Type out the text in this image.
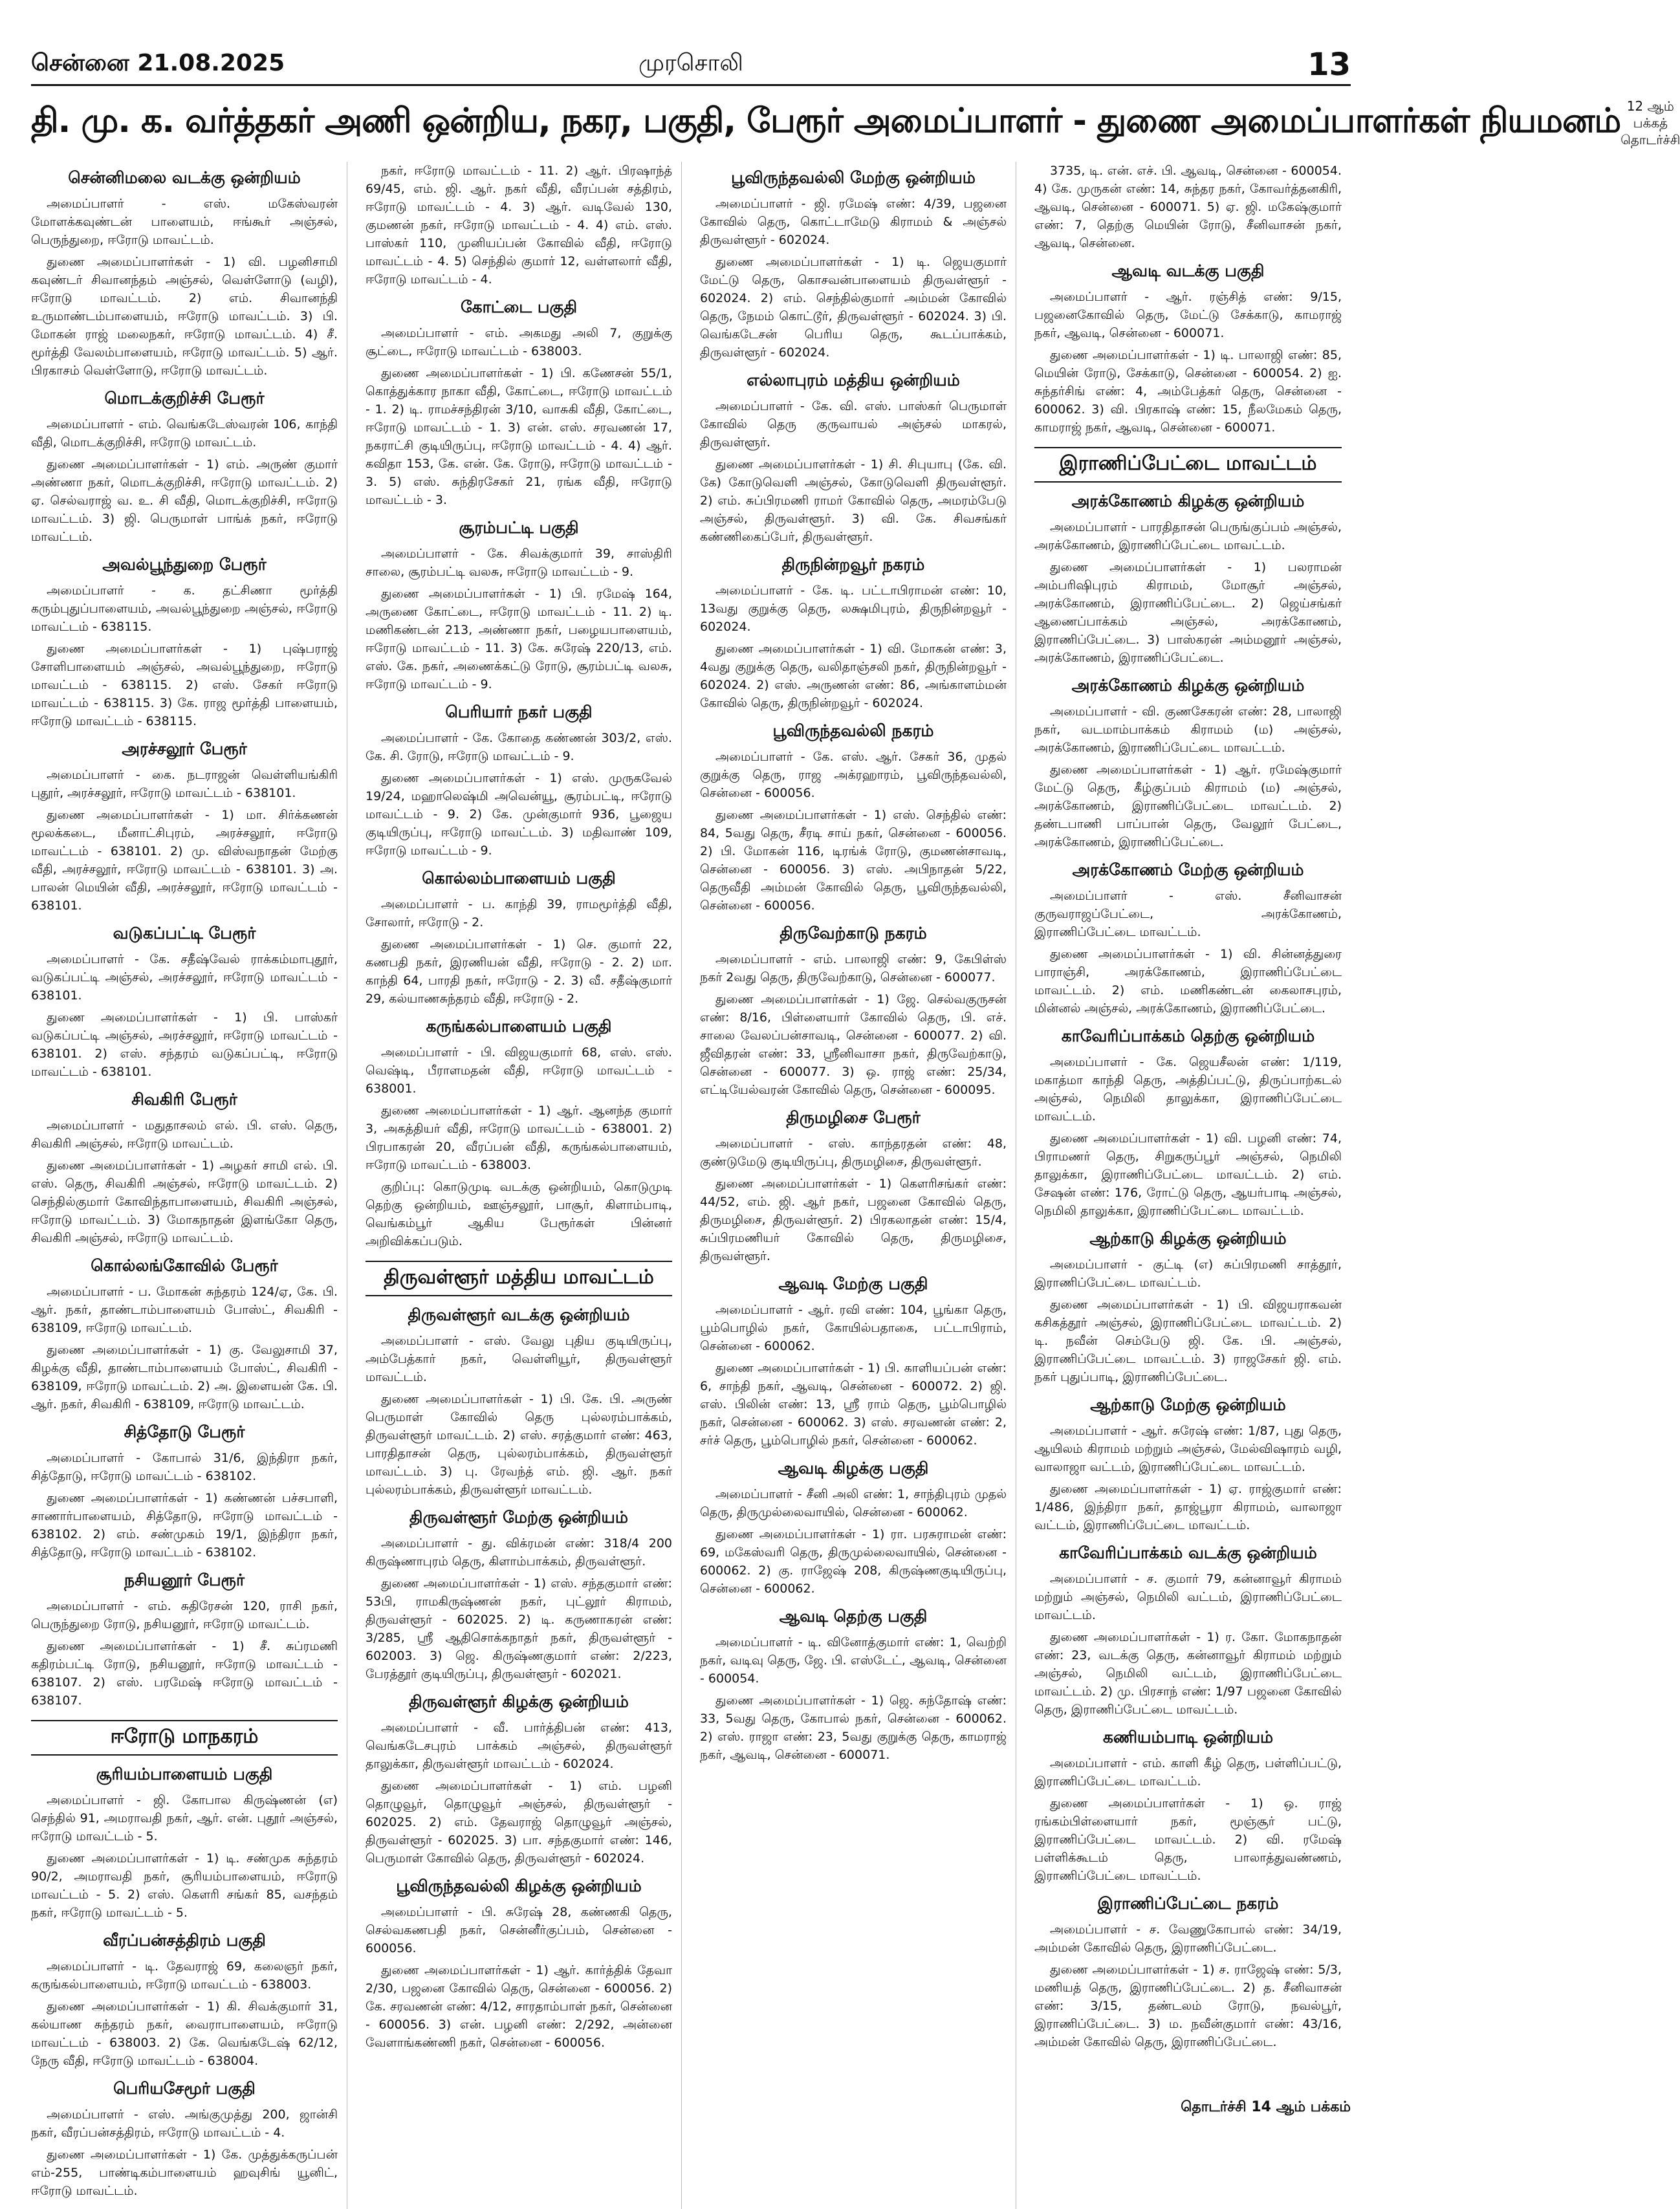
சென்னை 21.08.2025	முரசொலி	13
தி. மு. க. வர்த்தகர் அணி ஒன்றிய, நகர, பகுதி, பேரூர் அமைப்பாளர் - துணை அமைப்பாளர்கள் நியமனம் 12 ஆம் பக்கத் தொடர்ச்சி
சென்னிமலை வடக்கு ஒன்றியம்

அமைப்பாளர் - எஸ். மகேஸ்வரன் மோளக்கவுண்டன் பாளையம், ஈங்கூர் அஞ்சல், பெருந்துறை, ஈரோடு மாவட்டம்.

துணை அமைப்பாளர்கள் - 1) வி. பழனிசாமி கவுண்டர் சிவானந்தம் அஞ்சல், வெள்ளோடு (வழி), ஈரோடு மாவட்டம். 2) எம். சிவானந்தி உருமாண்டம்பாளையம், ஈரோடு மாவட்டம். 3) பி. மோகன் ராஜ் மலைநகர், ஈரோடு மாவட்டம். 4) சீ. மூர்த்தி வேலம்பாளையம், ஈரோடு மாவட்டம். 5) ஆர். பிரகாசம் வெள்ளோடு, ஈரோடு மாவட்டம்.

மொடக்குறிச்சி பேரூர்

அமைப்பாளர் - எம். வெங்கடேஸ்வரன் 106, காந்தி வீதி, மொடக்குறிச்சி, ஈரோடு மாவட்டம்.

துணை அமைப்பாளர்கள் - 1) எம். அருண் குமார் அண்ணா நகர், மொடக்குறிச்சி, ஈரோடு மாவட்டம். 2) ஏ. செல்வராஜ் வ. உ. சி வீதி, மொடக்குறிச்சி, ஈரோடு மாவட்டம். 3) ஜி. பெருமாள் பாங்க் நகர், ஈரோடு மாவட்டம்.

அவல்பூந்துறை பேரூர்

அமைப்பாளர் - க. தட்சிணா மூர்த்தி கரும்புதுப்பாளையம், அவல்பூந்துறை அஞ்சல், ஈரோடு மாவட்டம் - 638115.

துணை அமைப்பாளர்கள் - 1) புஷ்பராஜ் சோளிபாளையம் அஞ்சல், அவல்பூந்துறை, ஈரோடு மாவட்டம் - 638115. 2) எஸ். சேகர் ஈரோடு மாவட்டம் - 638115. 3) கே. ராஜ மூர்த்தி பாளையம், ஈரோடு மாவட்டம் - 638115.

அரச்சலூர் பேரூர்

அமைப்பாளர் - கை. நடராஜன் வெள்ளியங்கிரி புதூர், அரச்சலூர், ஈரோடு மாவட்டம் - 638101.

துணை அமைப்பாளர்கள் - 1) மா. சிர்க்கணன் மூலக்கடை, மீனாட்சிபுரம், அரச்சலூர், ஈரோடு மாவட்டம் - 638101. 2) மு. விஸ்வநாதன் மேற்கு வீதி, அரச்சலூர், ஈரோடு மாவட்டம் - 638101. 3) அ. பாலன் மெயின் வீதி, அரச்சலூர், ஈரோடு மாவட்டம் - 638101.

வடுகப்பட்டி பேரூர்

அமைப்பாளர் - கே. சதீஷ்வேல் ராக்கம்மாபுதூர், வடுகப்பட்டி அஞ்சல், அரச்சலூர், ஈரோடு மாவட்டம் - 638101.

துணை அமைப்பாளர்கள் - 1) பி. பாஸ்கர் வடுகப்பட்டி அஞ்சல், அரச்சலூர், ஈரோடு மாவட்டம் - 638101. 2) எஸ். சந்தரம் வடுகப்பட்டி, ஈரோடு மாவட்டம் - 638101.

சிவகிரி பேரூர்

அமைப்பாளர் - மதுதாசலம் எல். பி. எஸ். தெரு, சிவகிரி அஞ்சல், ஈரோடு மாவட்டம்.

துணை அமைப்பாளர்கள் - 1) அழகர் சாமி எல். பி. எஸ். தெரு, சிவகிரி அஞ்சல், ஈரோடு மாவட்டம். 2) செந்தில்குமார் கோவிந்தாபாளையம், சிவகிரி அஞ்சல், ஈரோடு மாவட்டம். 3) மோகநாதன் இளங்கோ தெரு, சிவகிரி அஞ்சல், ஈரோடு மாவட்டம்.

கொல்லங்கோவில் பேரூர்

அமைப்பாளர் - ப. மோகன் சுந்தரம் 124/ஏ, கே. பி. ஆர். நகர், தாண்டாம்பாளையம் போஸ்ட், சிவகிரி - 638109, ஈரோடு மாவட்டம்.

துணை அமைப்பாளர்கள் - 1) கு. வேலுசாமி 37, கிழக்கு வீதி, தாண்டாம்பாளையம் போஸ்ட், சிவகிரி - 638109, ஈரோடு மாவட்டம். 2) அ. இளையன் கே. பி. ஆர். நகர், சிவகிரி - 638109, ஈரோடு மாவட்டம்.

சித்தோடு பேரூர்

அமைப்பாளர் - கோபால் 31/6, இந்திரா நகர், சித்தோடு, ஈரோடு மாவட்டம் - 638102.

துணை அமைப்பாளர்கள் - 1) கண்ணன் பச்சபாளி, சாணார்பாளையம், சித்தோடு, ஈரோடு மாவட்டம் - 638102. 2) எம். சண்முகம் 19/1, இந்திரா நகர், சித்தோடு, ஈரோடு மாவட்டம் - 638102.

நசியனூர் பேரூர்

அமைப்பாளர் - எம். சுதிரேசன் 120, ராசி நகர், பெருந்துறை ரோடு, நசியனூர், ஈரோடு மாவட்டம்.

துணை அமைப்பாளர்கள் - 1) சீ. சுப்ரமணி கதிரம்பட்டி ரோடு, நசியனூர், ஈரோடு மாவட்டம் - 638107. 2) எஸ். பரமேஷ் ஈரோடு மாவட்டம் - 638107.

ஈரோடு மாநகரம்
சூரியம்பாளையம் பகுதி

அமைப்பாளர் - ஜி. கோபால கிருஷ்ணன் (எ) செந்தில் 91, அமராவதி நகர், ஆர். என். புதூர் அஞ்சல், ஈரோடு மாவட்டம் - 5.

துணை அமைப்பாளர்கள் - 1) டி. சண்முக சுந்தரம் 90/2, அமராவதி நகர், சூரியம்பாளையம், ஈரோடு மாவட்டம் - 5. 2) எஸ். கௌரி சங்கர் 85, வசந்தம் நகர், ஈரோடு மாவட்டம் - 5.

வீரப்பன்சத்திரம் பகுதி

அமைப்பாளர் - டி. தேவராஜ் 69, கலைஞர் நகர், கருங்கல்பாளையம், ஈரோடு மாவட்டம் - 638003.

துணை அமைப்பாளர்கள் - 1) கி. சிவக்குமார் 31, கல்யாண சுந்தரம் நகர், வைராபாளையம், ஈரோடு மாவட்டம் - 638003. 2) கே. வெங்கடேஷ் 62/12, நேரு வீதி, ஈரோடு மாவட்டம் - 638004.

பெரியசேமூர் பகுதி

அமைப்பாளர் - எஸ். அங்குமுத்து 200, ஜான்சி நகர், வீரப்பன்சத்திரம், ஈரோடு மாவட்டம் - 4.

துணை அமைப்பாளர்கள் - 1) கே. முத்துக்கருப்பன் எம்-255, பாண்டிகம்பாளையம் ஹவுசிங் யூனிட், ஈரோடு மாவட்டம்.

நகர், ஈரோடு மாவட்டம் - 11. 2) ஆர். பிரஷாந்த் 69/45, எம். ஜி. ஆர். நகர் வீதி, வீரப்பன் சத்திரம், ஈரோடு மாவட்டம் - 4. 3) ஆர். வடிவேல் 130, குமணன் நகர், ஈரோடு மாவட்டம் - 4. 4) எம். எஸ். பாஸ்கர் 110, முனியப்பன் கோவில் வீதி, ஈரோடு மாவட்டம் - 4. 5) செந்தில் குமார் 12, வள்ளலார் வீதி, ஈரோடு மாவட்டம் - 4.

கோட்டை பகுதி

அமைப்பாளர் - எம். அகமது அலி 7, குறுக்கு சூட்டை, ஈரோடு மாவட்டம் - 638003.

துணை அமைப்பாளர்கள் - 1) பி. கணேசன் 55/1, கொத்துக்கார நாகா வீதி, கோட்டை, ஈரோடு மாவட்டம் - 1. 2) டி. ராமச்சந்திரன் 3/10, வாசுகி வீதி, கோட்டை, ஈரோடு மாவட்டம் - 1. 3) என். எஸ். சரவணன் 17, நகராட்சி குடியிருப்பு, ஈரோடு மாவட்டம் - 4. 4) ஆர். கவிதா 153, கே. என். கே. ரோடு, ஈரோடு மாவட்டம் - 3. 5) எஸ். சுந்திரசேகர் 21, ரங்க வீதி, ஈரோடு மாவட்டம் - 3.

சூரம்பட்டி பகுதி

அமைப்பாளர் - கே. சிவக்குமார் 39, சாஸ்திரி சாலை, சூரம்பட்டி வலசு, ஈரோடு மாவட்டம் - 9.

துணை அமைப்பாளர்கள் - 1) பி. ரமேஷ் 164, அருணை கோட்டை, ஈரோடு மாவட்டம் - 11. 2) டி. மணிகண்டன் 213, அண்ணா நகர், பழையபாளையம், ஈரோடு மாவட்டம் - 11. 3) கே. சுரேஷ் 220/13, எம். எஸ். கே. நகர், அணைக்கட்டு ரோடு, சூரம்பட்டி வலசு, ஈரோடு மாவட்டம் - 9.

பெரியார் நகர் பகுதி

அமைப்பாளர் - கே. கோதை கண்ணன் 303/2, எஸ். கே. சி. ரோடு, ஈரோடு மாவட்டம் - 9.

துணை அமைப்பாளர்கள் - 1) எஸ். முருகவேல் 19/24, மஹாலெஷ்மி அவென்யூ, சூரம்பட்டி, ஈரோடு மாவட்டம் - 9. 2) கே. முன்குமார் 936, பூஜைய குடியிருப்பு, ஈரோடு மாவட்டம். 3) மதிவாண் 109, ஈரோடு மாவட்டம் - 9.

கொல்லம்பாளையம் பகுதி

அமைப்பாளர் - ப. காந்தி 39, ராமமூர்த்தி வீதி, சோலார், ஈரோடு - 2.

துணை அமைப்பாளர்கள் - 1) செ. குமார் 22, கணபதி நகர், இரணியன் வீதி, ஈரோடு - 2. 2) மா. காந்தி 64, பாரதி நகர், ஈரோடு - 2. 3) வீ. சதீஷ்குமார் 29, கல்யாணசுந்தரம் வீதி, ஈரோடு - 2.

கருங்கல்பாளையம் பகுதி

அமைப்பாளர் - பி. விஜயகுமார் 68, எஸ். எஸ். வெஷ்டி, பீராளமதன் வீதி, ஈரோடு மாவட்டம் - 638001.

துணை அமைப்பாளர்கள் - 1) ஆர். ஆனந்த குமார் 3, அகத்தியர் வீதி, ஈரோடு மாவட்டம் - 638001. 2) பிரபாகரன் 20, வீரப்பன் வீதி, கருங்கல்பாளையம், ஈரோடு மாவட்டம் - 638003.

குறிப்பு: கொடுமுடி வடக்கு ஒன்றியம், கொடுமுடி தெற்கு ஒன்றியம், ஊஞ்சலூர், பாசூர், கிளாம்பாடி, வெங்கம்பூர் ஆகிய பேரூர்கள் பின்னர் அறிவிக்கப்படும்.

திருவள்ளூர் மத்திய மாவட்டம்
திருவள்ளூர் வடக்கு ஒன்றியம்

அமைப்பாளர் - எஸ். வேலு புதிய குடியிருப்பு, அம்பேத்கார் நகர், வெள்ளியூர், திருவள்ளூர் மாவட்டம்.

துணை அமைப்பாளர்கள் - 1) பி. கே. பி. அருண் பெருமாள் கோவில் தெரு புல்லரம்பாக்கம், திருவள்ளூர் மாவட்டம். 2) எஸ். சரத்குமார் எண்: 463, பாரதிதாசன் தெரு, புல்லரம்பாக்கம், திருவள்ளூர் மாவட்டம். 3) பு. ரேவந்த் எம். ஜி. ஆர். நகர் புல்லரம்பாக்கம், திருவள்ளூர் மாவட்டம்.

திருவள்ளூர் மேற்கு ஒன்றியம்

அமைப்பாளர் - து. விக்ரமன் எண்: 318/4 200 கிருஷ்ணாபுரம் தெரு, கிளாம்பாக்கம், திருவள்ளூர்.

துணை அமைப்பாளர்கள் - 1) எஸ். சந்தகுமார் எண்: 53பி, ராமகிருஷ்ணன் நகர், புட்லூர் கிராமம், திருவள்ளூர் - 602025. 2) டி. கருணாகரன் எண்: 3/285, ஸ்ரீ ஆதிசொக்கநாதர் நகர், திருவள்ளூர் - 602003. 3) ஜெ. கிருஷ்ணகுமார் எண்: 2/223, பேரத்தூர் குடியிருப்பு, திருவள்ளூர் - 602021.

திருவள்ளூர் கிழக்கு ஒன்றியம்

அமைப்பாளர் - வீ. பார்த்திபன் எண்: 413, வெங்கடேசபுரம் பாக்கம் அஞ்சல், திருவள்ளூர் தாலுக்கா, திருவள்ளூர் மாவட்டம் - 602024.

துணை அமைப்பாளர்கள் - 1) எம். பழனி தொழுவூர், தொழுவூர் அஞ்சல், திருவள்ளூர் - 602025. 2) எம். தேவராஜ் தொழுவூர் அஞ்சல், திருவள்ளூர் - 602025. 3) பா. சந்தகுமார் எண்: 146, பெருமாள் கோவில் தெரு, திருவள்ளூர் - 602024.

பூவிருந்தவல்லி கிழக்கு ஒன்றியம்

அமைப்பாளர் - பி. சுரேஷ் 28, கண்ணகி தெரு, செல்வகணபதி நகர், சென்னீர்குப்பம், சென்னை - 600056.

துணை அமைப்பாளர்கள் - 1) ஆர். கார்த்திக் தேவா 2/30, பஜனை கோவில் தெரு, சென்னை - 600056. 2) கே. சரவணன் எண்: 4/12, சாரதாம்பாள் நகர், சென்னை - 600056. 3) என். பழனி எண்: 2/292, அன்னை வேளாங்கண்ணி நகர், சென்னை - 600056.

பூவிருந்தவல்லி மேற்கு ஒன்றியம்

அமைப்பாளர் - ஜி. ரமேஷ் எண்: 4/39, பஜனை கோவில் தெரு, கொட்டாமேடு கிராமம் & அஞ்சல் திருவள்ளூர் - 602024.

துணை அமைப்பாளர்கள் - 1) டி. ஜெயகுமார் மேட்டு தெரு, கொசவன்பாளையம் திருவள்ளூர் - 602024. 2) எம். செந்தில்குமார் அம்மன் கோவில் தெரு, நேமம் கொட்டூர், திருவள்ளூர் - 602024. 3) பி. வெங்கடேசன் பெரிய தெரு, கூடப்பாக்கம், திருவள்ளூர் - 602024.

எல்லாபுரம் மத்திய ஒன்றியம்

அமைப்பாளர் - கே. வி. எஸ். பாஸ்கர் பெருமாள் கோவில் தெரு குருவாயல் அஞ்சல் மாகரல், திருவள்ளூர்.

துணை அமைப்பாளர்கள் - 1) சி. சிபுயாபு (கே. வி. கே) கோடுவெளி அஞ்சல், கோடுவெளி திருவள்ளூர். 2) எம். சுப்பிரமணி ராமர் கோவில் தெரு, அமரம்பேடு அஞ்சல், திருவள்ளூர். 3) வி. கே. சிவசங்கர் கண்ணிகைப்பேர், திருவள்ளூர்.

திருநின்றவூர் நகரம்

அமைப்பாளர் - கே. டி. பட்டாபிராமன் எண்: 10, 13வது குறுக்கு தெரு, லக்ஷமிபுரம், திருநின்றவூர் - 602024.

துணை அமைப்பாளர்கள் - 1) வி. மோகன் எண்: 3, 4வது குறுக்கு தெரு, வலிதாஞ்சலி நகர், திருநின்றவூர் - 602024. 2) எஸ். அருணன் எண்: 86, அங்காளம்மன் கோவில் தெரு, திருநின்றவூர் - 602024.

பூவிருந்தவல்லி நகரம்

அமைப்பாளர் - கே. எஸ். ஆர். சேகர் 36, முதல் குறுக்கு தெரு, ராஜ அக்ரஹாரம், பூவிருந்தவல்லி, சென்னை - 600056.

துணை அமைப்பாளர்கள் - 1) எஸ். செந்தில் எண்: 84, 5வது தெரு, சீரடி சாய் நகர், சென்னை - 600056. 2) பி. மோகன் 116, டிரங்க் ரோடு, குமணன்சாவடி, சென்னை - 600056. 3) எஸ். அபிநாதன் 5/22, தெருவீதி அம்மன் கோவில் தெரு, பூவிருந்தவல்லி, சென்னை - 600056.

திருவேற்காடு நகரம்

அமைப்பாளர் - எம். பாலாஜி எண்: 9, கேபிள்ஸ் நகர் 2வது தெரு, திருவேற்காடு, சென்னை - 600077.

துணை அமைப்பாளர்கள் - 1) ஜே. செல்வகுருசன் எண்: 8/16, பிள்ளையார் கோவில் தெரு, பி. எச். சாலை வேலப்பன்சாவடி, சென்னை - 600077. 2) வி. ஜீவிதரன் எண்: 33, ஸ்ரீனிவாசா நகர், திருவேற்காடு, சென்னை - 600077. 3) ஒ. ராஜ் எண்: 25/34, எட்டியேல்வரன் கோவில் தெரு, சென்னை - 600095.

திருமழிசை பேரூர்

அமைப்பாளர் - எஸ். காந்தரதன் எண்: 48, குண்டுமேடு குடியிருப்பு, திருமழிசை, திருவள்ளூர்.

துணை அமைப்பாளர்கள் - 1) கௌரிசங்கர் எண்: 44/52, எம். ஜி. ஆர் நகர், பஜனை கோவில் தெரு, திருமழிசை, திருவள்ளூர். 2) பிரகலாதன் எண்: 15/4, சுப்பிரமணியர் கோவில் தெரு, திருமழிசை, திருவள்ளூர்.

ஆவடி மேற்கு பகுதி

அமைப்பாளர் - ஆர். ரவி எண்: 104, பூங்கா தெரு, பூம்பொழில் நகர், கோயில்பதாகை, பட்டாபிராம், சென்னை - 600062.

துணை அமைப்பாளர்கள் - 1) பி. காளியப்பன் எண்: 6, சாந்தி நகர், ஆவடி, சென்னை - 600072. 2) ஜி. எஸ். பிலின் எண்: 13, ஸ்ரீ ராம் தெரு, பூம்பொழில் நகர், சென்னை - 600062. 3) எஸ். சரவணன் எண்: 2, சர்ச் தெரு, பூம்பொழில் நகர், சென்னை - 600062.

ஆவடி கிழக்கு பகுதி

அமைப்பாளர் - சீனி அலி எண்: 1, சாந்திபுரம் முதல் தெரு, திருமுல்லைவாயில், சென்னை - 600062.

துணை அமைப்பாளர்கள் - 1) ரா. பரசுராமன் எண்: 69, மகேஸ்வரி தெரு, திருமுல்லைவாயில், சென்னை - 600062. 2) கு. ராஜேஷ் 208, கிருஷ்ணகுடியிருப்பு, சென்னை - 600062.

ஆவடி தெற்கு பகுதி

அமைப்பாளர் - டி. வினோத்குமார் எண்: 1, வெற்றி நகர், வடிவு தெரு, ஜே. பி. எஸ்டேட், ஆவடி, சென்னை - 600054.

துணை அமைப்பாளர்கள் - 1) ஜெ. சுந்தோஷ் எண்: 33, 5வது தெரு, கோபால் நகர், சென்னை - 600062. 2) எஸ். ராஜா எண்: 23, 5வது குறுக்கு தெரு, காமராஜ் நகர், ஆவடி, சென்னை - 600071.

3735, டி. என். எச். பி. ஆவடி, சென்னை - 600054. 4) கே. முருகன் எண்: 14, சுந்தர நகர், கோவர்த்தனகிரி, ஆவடி, சென்னை - 600071. 5) ஏ. ஜி. மகேஷ்குமார் எண்: 7, தெற்கு மெயின் ரோடு, சீனிவாசன் நகர், ஆவடி, சென்னை.

ஆவடி வடக்கு பகுதி

அமைப்பாளர் - ஆர். ரஞ்சித் எண்: 9/15, பஜனைகோவில் தெரு, மேட்டு சேக்காடு, காமராஜ் நகர், ஆவடி, சென்னை - 600071.

துணை அமைப்பாளர்கள் - 1) டி. பாலாஜி எண்: 85, மெயின் ரோடு, சேக்காடு, சென்னை - 600054. 2) ஐ. சுந்தர்சிங் எண்: 4, அம்பேத்கர் தெரு, சென்னை - 600062. 3) வி. பிரகாஷ் எண்: 15, நீலமேகம் தெரு, காமராஜ் நகர், ஆவடி, சென்னை - 600071.

இராணிப்பேட்டை மாவட்டம்
அரக்கோணம் கிழக்கு ஒன்றியம்

அமைப்பாளர் - பாரதிதாசன் பெருங்குப்பம் அஞ்சல், அரக்கோணம், இராணிப்பேட்டை மாவட்டம்.

துணை அமைப்பாளர்கள் - 1) பலராமன் அம்பரிஷிபுரம் கிராமம், மோசூர் அஞ்சல், அரக்கோணம், இராணிப்பேட்டை. 2) ஜெய்சங்கர் ஆணைப்பாக்கம் அஞ்சல், அரக்கோணம், இராணிப்பேட்டை. 3) பாஸ்கரன் அம்மனூர் அஞ்சல், அரக்கோணம், இராணிப்பேட்டை.

அரக்கோணம் கிழக்கு ஒன்றியம்

அமைப்பாளர் - வி. குணசேகரன் எண்: 28, பாலாஜி நகர், வடமாம்பாக்கம் கிராமம் (ம) அஞ்சல், அரக்கோணம், இராணிப்பேட்டை மாவட்டம்.

துணை அமைப்பாளர்கள் - 1) ஆர். ரமேஷ்குமார் மேட்டு தெரு, கீழ்குப்பம் கிராமம் (ம) அஞ்சல், அரக்கோணம், இராணிப்பேட்டை மாவட்டம். 2) தண்டபாணி பாப்பான் தெரு, வேலூர் பேட்டை, அரக்கோணம், இராணிப்பேட்டை.

அரக்கோணம் மேற்கு ஒன்றியம்

அமைப்பாளர் - எஸ். சீனிவாசன் குருவராஜப்பேட்டை, அரக்கோணம், இராணிப்பேட்டை மாவட்டம்.

துணை அமைப்பாளர்கள் - 1) வி. சின்னத்துரை பாராஞ்சி, அரக்கோணம், இராணிப்பேட்டை மாவட்டம். 2) எம். மணிகண்டன் கைலாசபுரம், மின்னல் அஞ்சல், அரக்கோணம், இராணிப்பேட்டை.

காவேரிப்பாக்கம் தெற்கு ஒன்றியம்

அமைப்பாளர் - கே. ஜெயசீலன் எண்: 1/119, மகாத்மா காந்தி தெரு, அத்திப்பட்டு, திருப்பாற்கடல் அஞ்சல், நெமிலி தாலுக்கா, இராணிப்பேட்டை மாவட்டம்.

துணை அமைப்பாளர்கள் - 1) வி. பழனி எண்: 74, பிராமணர் தெரு, சிறுகருப்பூர் அஞ்சல், நெமிலி தாலுக்கா, இராணிப்பேட்டை மாவட்டம். 2) எம். சேஷன் எண்: 176, ரோட்டு தெரு, ஆயர்பாடி அஞ்சல், நெமிலி தாலுக்கா, இராணிப்பேட்டை மாவட்டம்.

ஆற்காடு கிழக்கு ஒன்றியம்

அமைப்பாளர் - குட்டி (எ) சுப்பிரமணி சாத்தூர், இராணிப்பேட்டை மாவட்டம்.

துணை அமைப்பாளர்கள் - 1) பி. விஜயராகவன் கசிகத்தூர் அஞ்சல், இராணிப்பேட்டை மாவட்டம். 2) டி. நவீன் செம்பேடு ஜி. கே. பி. அஞ்சல், இராணிப்பேட்டை மாவட்டம். 3) ராஜசேகர் ஜி. எம். நகர் புதுப்பாடி, இராணிப்பேட்டை.

ஆற்காடு மேற்கு ஒன்றியம்

அமைப்பாளர் - ஆர். சுரேஷ் எண்: 1/87, புது தெரு, ஆயிலம் கிராமம் மற்றும் அஞ்சல், மேல்விஷாரம் வழி, வாலாஜா வட்டம், இராணிப்பேட்டை மாவட்டம்.

துணை அமைப்பாளர்கள் - 1) ஏ. ராஜ்குமார் எண்: 1/486, இந்திரா நகர், தாஜ்பூரா கிராமம், வாலாஜா வட்டம், இராணிப்பேட்டை மாவட்டம்.

காவேரிப்பாக்கம் வடக்கு ஒன்றியம்

அமைப்பாளர் - ச. குமார் 79, கன்னாவூர் கிராமம் மற்றும் அஞ்சல், நெமிலி வட்டம், இராணிப்பேட்டை மாவட்டம்.

துணை அமைப்பாளர்கள் - 1) ர. கோ. மோகநாதன் எண்: 23, வடக்கு தெரு, கன்னாவூர் கிராமம் மற்றும் அஞ்சல், நெமிலி வட்டம், இராணிப்பேட்டை மாவட்டம். 2) மு. பிரசாந் எண்: 1/97 பஜனை கோவில் தெரு, இராணிப்பேட்டை மாவட்டம்.

கணியம்பாடி ஒன்றியம்

அமைப்பாளர் - எம். காளி கீழ் தெரு, பள்ளிப்பட்டு, இராணிப்பேட்டை மாவட்டம்.

துணை அமைப்பாளர்கள் - 1) ஒ. ராஜ் ரங்கம்பிள்ளையார் நகர், மூஞ்சூர் பட்டு, இராணிப்பேட்டை மாவட்டம். 2) வி. ரமேஷ் பள்ளிக்கூடம் தெரு, பாலாத்துவண்ணம், இராணிப்பேட்டை மாவட்டம்.

இராணிப்பேட்டை நகரம்

அமைப்பாளர் - ச. வேணுகோபால் எண்: 34/19, அம்மன் கோவில் தெரு, இராணிப்பேட்டை.

துணை அமைப்பாளர்கள் - 1) ச. ராஜேஷ் எண்: 5/3, மணியத் தெரு, இராணிப்பேட்டை. 2) த. சீனிவாசன் எண்: 3/15, தண்டலம் ரோடு, நவல்பூர், இராணிப்பேட்டை. 3) ம. நவீன்குமார் எண்: 43/16, அம்மன் கோவில் தெரு, இராணிப்பேட்டை.

தொடர்ச்சி 14 ஆம் பக்கம்
